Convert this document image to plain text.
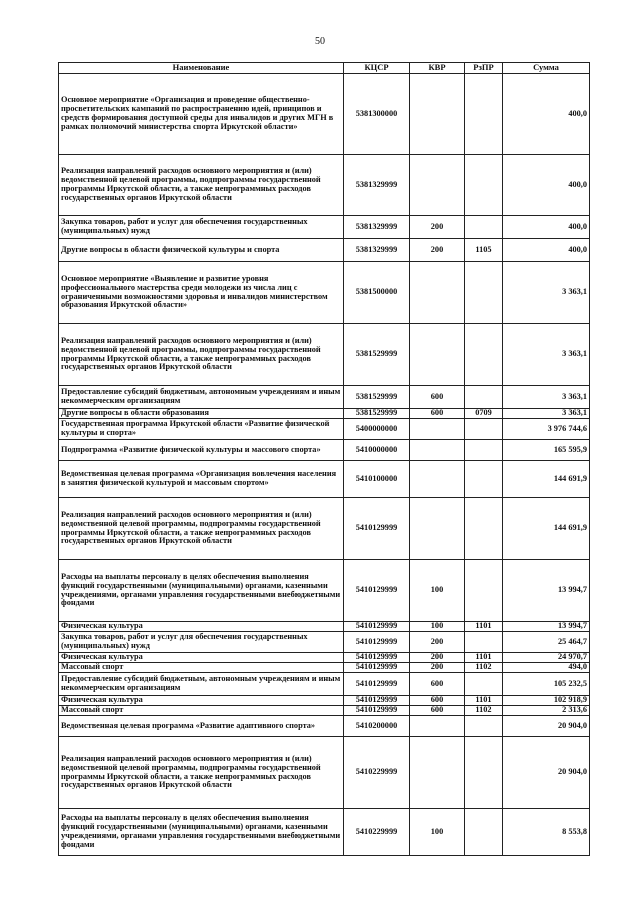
50
Наименование	КЦСР	КВР	РзПР	Сумма
Основное мероприятие «Организация и проведение общественно-просветительских кампаний по распространению идей, принципов и средств формирования доступной среды для инвалидов и других МГН в рамках полномочий министерства спорта Иркутской области»	5381300000			400,0
Реализация направлений расходов основного мероприятия и (или) ведомственной целевой программы, подпрограммы государственной программы Иркутской области, а также непрограммных расходов государственных органов Иркутской области	5381329999			400,0
Закупка товаров, работ и услуг для обеспечения государственных (муниципальных) нужд	5381329999	200		400,0
Другие вопросы в области физической культуры и спорта	5381329999	200	1105	400,0
Основное мероприятие «Выявление и развитие уровня профессионального мастерства среди молодежи из числа лиц с ограниченными возможностями здоровья и инвалидов министерством образования Иркутской области»	5381500000			3 363,1
Реализация направлений расходов основного мероприятия и (или) ведомственной целевой программы, подпрограммы государственной программы Иркутской области, а также непрограммных расходов государственных органов Иркутской области	5381529999			3 363,1
Предоставление субсидий бюджетным, автономным учреждениям и иным некоммерческим организациям	5381529999	600		3 363,1
Другие вопросы в области образования	5381529999	600	0709	3 363,1
Государственная программа Иркутской области «Развитие физической культуры и спорта»	5400000000			3 976 744,6
Подпрограмма «Развитие физической культуры и массового спорта»	5410000000			165 595,9
Ведомственная целевая программа «Организация вовлечения населения в занятия физической культурой и массовым спортом»	5410100000			144 691,9
Реализация направлений расходов основного мероприятия и (или) ведомственной целевой программы, подпрограммы государственной программы Иркутской области, а также непрограммных расходов государственных органов Иркутской области	5410129999			144 691,9
Расходы на выплаты персоналу в целях обеспечения выполнения функций государственными (муниципальными) органами, казенными учреждениями, органами управления государственными внебюджетными фондами	5410129999	100		13 994,7
Физическая культура	5410129999	100	1101	13 994,7
Закупка товаров, работ и услуг для обеспечения государственных (муниципальных) нужд	5410129999	200		25 464,7
Физическая культура	5410129999	200	1101	24 970,7
Массовый спорт	5410129999	200	1102	494,0
Предоставление субсидий бюджетным, автономным учреждениям и иным некоммерческим организациям	5410129999	600		105 232,5
Физическая культура	5410129999	600	1101	102 918,9
Массовый спорт	5410129999	600	1102	2 313,6
Ведомственная целевая программа «Развитие адаптивного спорта»	5410200000			20 904,0
Реализация направлений расходов основного мероприятия и (или) ведомственной целевой программы, подпрограммы государственной программы Иркутской области, а также непрограммных расходов государственных органов Иркутской области	5410229999			20 904,0
Расходы на выплаты персоналу в целях обеспечения выполнения функций государственными (муниципальными) органами, казенными учреждениями, органами управления государственными внебюджетными фондами	5410229999	100		8 553,8
